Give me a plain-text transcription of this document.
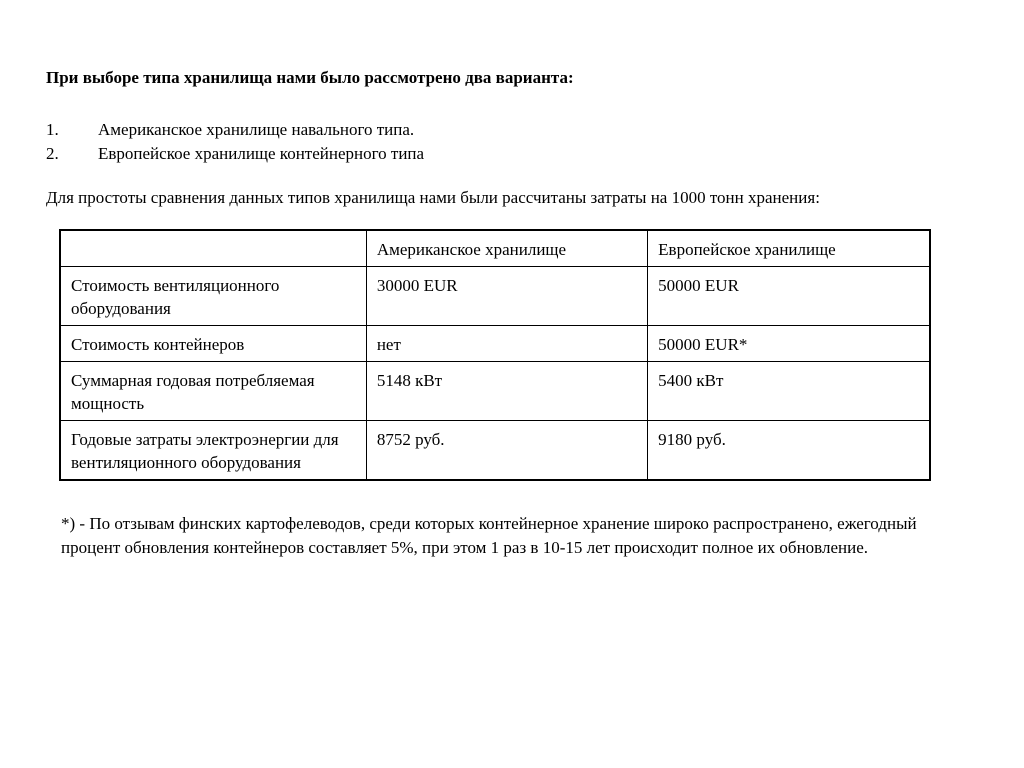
При выборе типа хранилища нами было рассмотрено два варианта:
1.	Американское хранилище навального типа.
2.	Европейское хранилище контейнерного типа
Для простоты сравнения данных типов хранилища нами были рассчитаны затраты на 1000 тонн хранения:
	Американское хранилище	Европейское хранилище
Стоимость вентиляционного оборудования	30000 EUR	50000 EUR
Стоимость контейнеров	нет	50000 EUR*
Суммарная годовая потребляемая мощность	5148 кВт	5400 кВт
Годовые затраты электроэнергии для вентиляционного оборудования	8752 руб.	9180 руб.
*) - По отзывам финских картофелеводов, среди которых контейнерное хранение широко распространено, ежегодный процент обновления контейнеров составляет 5%, при этом 1 раз в 10-15 лет происходит полное их обновление.
